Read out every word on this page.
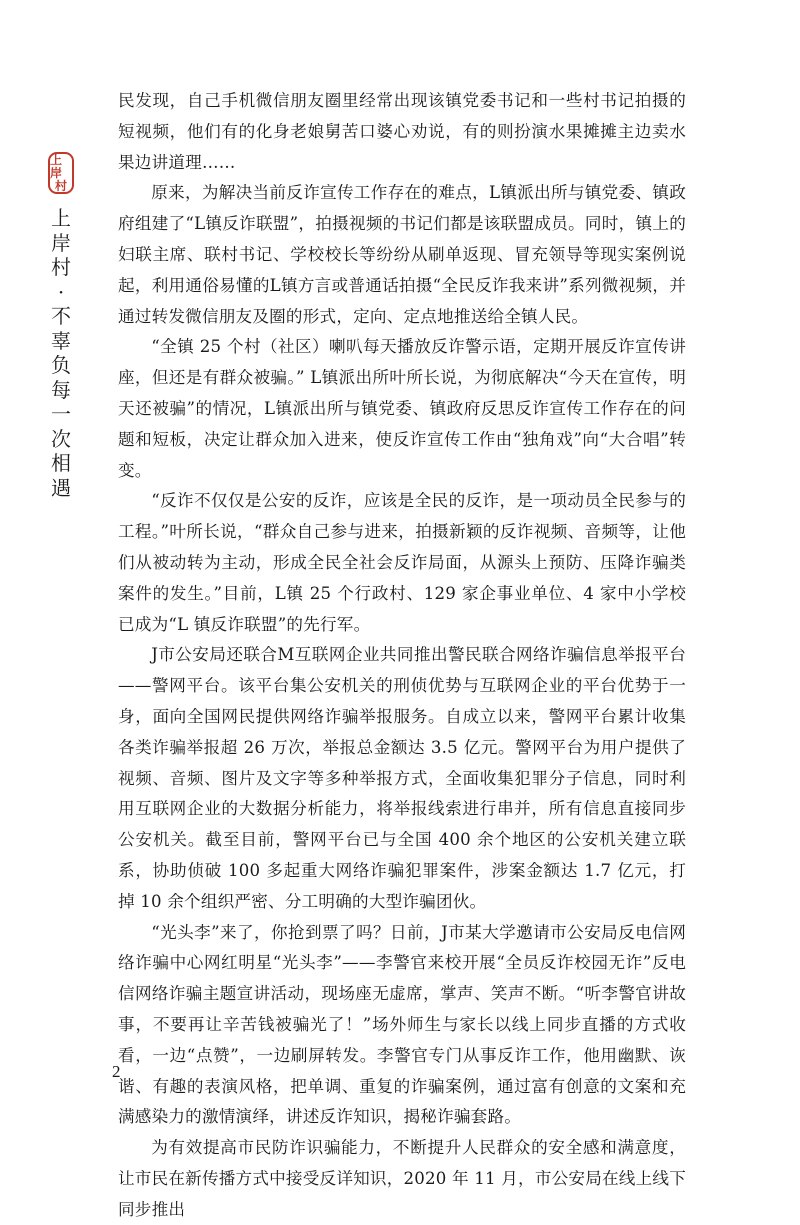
上岸
村
上
岸
村
·
不
辜
负
每
一
次
相
遇

民发现，自己手机微信朋友圈里经常出现该镇党委书记和一些村书记拍摄的短视频，他们有的化身老娘舅苦口婆心劝说，有的则扮演水果摊摊主边卖水果边讲道理……

原来，为解决当前反诈宣传工作存在的难点，L镇派出所与镇党委、镇政府组建了“L镇反诈联盟”，拍摄视频的书记们都是该联盟成员。同时，镇上的妇联主席、联村书记、学校校长等纷纷从刷单返现、冒充领导等现实案例说起，利用通俗易懂的L镇方言或普通话拍摄“全民反诈我来讲”系列微视频，并通过转发微信朋友及圈的形式，定向、定点地推送给全镇人民。

“全镇 25 个村（社区）喇叭每天播放反诈警示语，定期开展反诈宣传讲座，但还是有群众被骗。” L镇派出所叶所长说，为彻底解决“今天在宣传，明天还被骗”的情况，L镇派出所与镇党委、镇政府反思反诈宣传工作存在的问题和短板，决定让群众加入进来，使反诈宣传工作由“独角戏”向“大合唱”转变。

“反诈不仅仅是公安的反诈，应该是全民的反诈，是一项动员全民参与的工程。”叶所长说，“群众自己参与进来，拍摄新颖的反诈视频、音频等，让他们从被动转为主动，形成全民全社会反诈局面，从源头上预防、压降诈骗类案件的发生。”目前，L镇 25 个行政村、129 家企事业单位、4 家中小学校已成为“L 镇反诈联盟”的先行军。

J市公安局还联合M互联网企业共同推出警民联合网络诈骗信息举报平台——警网平台。该平台集公安机关的刑侦优势与互联网企业的平台优势于一身，面向全国网民提供网络诈骗举报服务。自成立以来，警网平台累计收集各类诈骗举报超 26 万次，举报总金额达 3.5 亿元。警网平台为用户提供了视频、音频、图片及文字等多种举报方式，全面收集犯罪分子信息，同时利用互联网企业的大数据分析能力，将举报线索进行串并，所有信息直接同步公安机关。截至目前，警网平台已与全国 400 余个地区的公安机关建立联系，协助侦破 100 多起重大网络诈骗犯罪案件，涉案金额达 1.7 亿元，打掉 10 余个组织严密、分工明确的大型诈骗团伙。

“光头李”来了，你抢到票了吗？日前，J市某大学邀请市公安局反电信网络诈骗中心网红明星“光头李”——李警官来校开展“全员反诈校园无诈”反电信网络诈骗主题宣讲活动，现场座无虚席，掌声、笑声不断。“听李警官讲故事，不要再让辛苦钱被骗光了！”场外师生与家长以线上同步直播的方式收看，一边“点赞”，一边刷屏转发。李警官专门从事反诈工作，他用幽默、诙谐、有趣的表演风格，把单调、重复的诈骗案例，通过富有创意的文案和充满感染力的激情演绎，讲述反诈知识，揭秘诈骗套路。

为有效提高市民防诈识骗能力，不断提升人民群众的安全感和满意度，让市民在新传播方式中接受反详知识，2020 年 11 月，市公安局在线上线下同步推出

2
